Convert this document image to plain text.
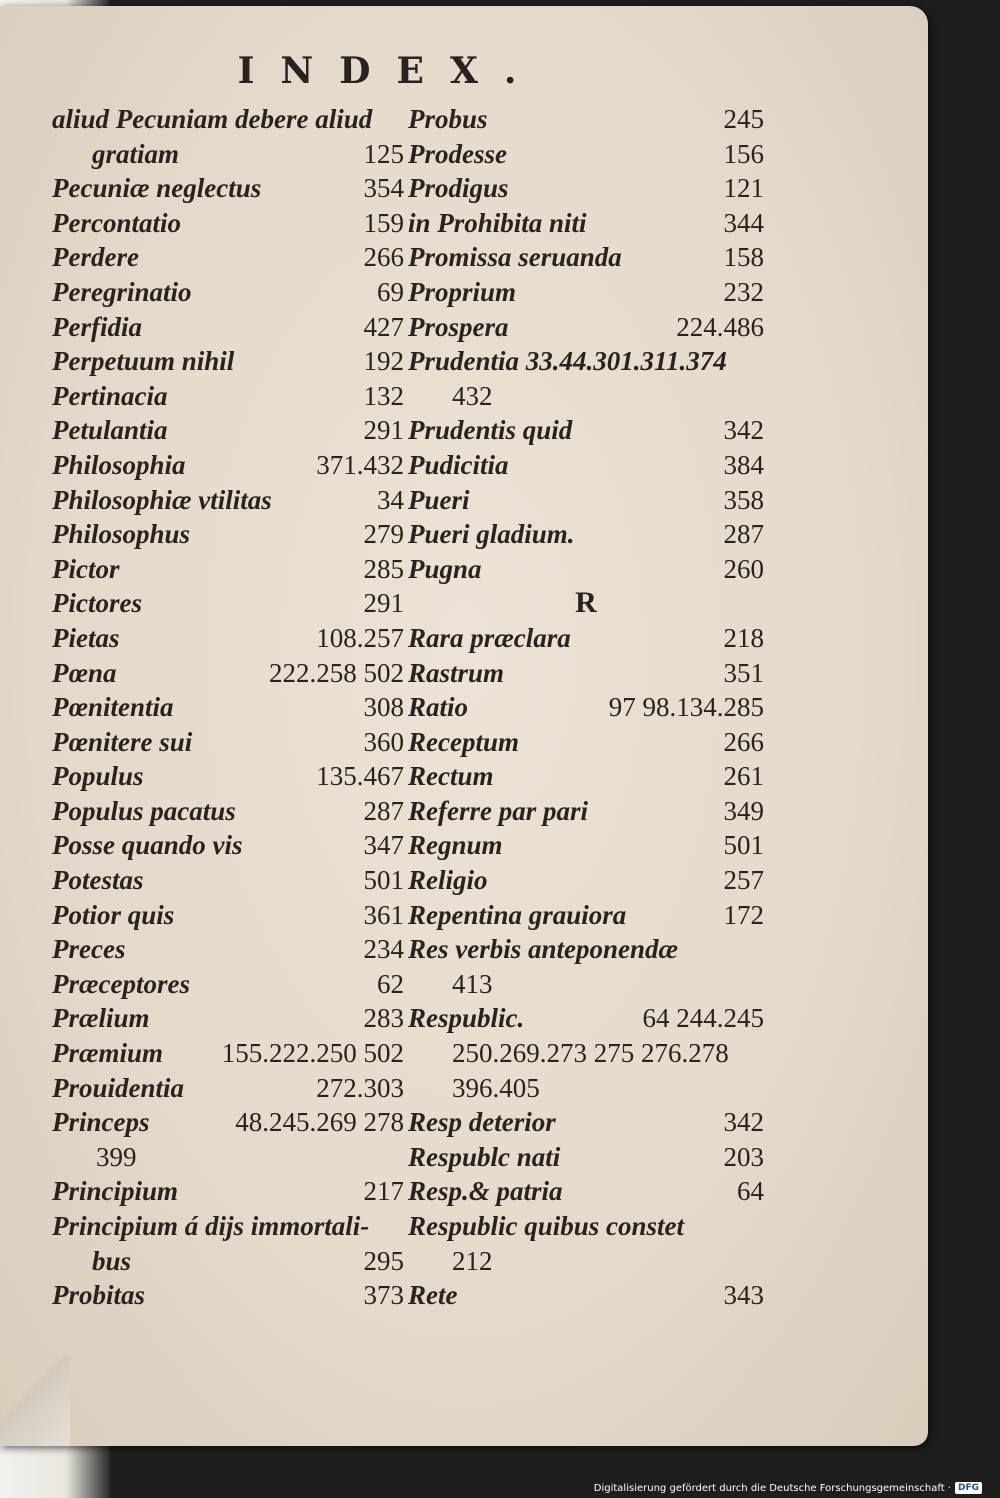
INDEX.
aliud Pecuniam debere aliud
gratiam	125
Pecuniæ neglectus	354
Percontatio	159
Perdere	266
Peregrinatio	69
Perfidia	427
Perpetuum nihil	192
Pertinacia	132
Petulantia	291
Philosophia	371.432
Philosophiæ vtilitas	34
Philosophus	279
Pictor	285
Pictores	291
Pietas	108.257
Pœna	222.258 502
Pœnitentia	308
Pœnitere sui	360
Populus	135.467
Populus pacatus	287
Posse quando vis	347
Potestas	501
Potior quis	361
Preces	234
Præceptores	62
Prælium	283
Præmium 155.222.250 502
Prouidentia	272.303
Princeps	48.245.269 278
399
Principium	217
Principium á dijs immortali-
bus	295
Probitas	373
Probus	245
Prodesse	156
Prodigus	121
in Prohibita niti	344
Promissa seruanda	158
Proprium	232
Prospera	224.486
Prudentia 33.44.301.311.374
432
Prudentis quid	342
Pudicitia	384
Pueri	358
Pueri gladium.	287
Pugna	260
R
Rara præclara	218
Rastrum	351
Ratio	97 98.134.285
Receptum	266
Rectum	261
Referre par pari	349
Regnum	501
Religio	257
Repentina grauiora	172
Res verbis anteponendæ
413
Respublic.	64 244.245
250.269.273 275 276.278
396.405
Resp deterior	342
Respublc nati	203
Resp.& patria	64
Respublic quibus constet
212
Rete	343
Digitalisierung gefördert durch die Deutsche Forschungsgemeinschaft · DFG
